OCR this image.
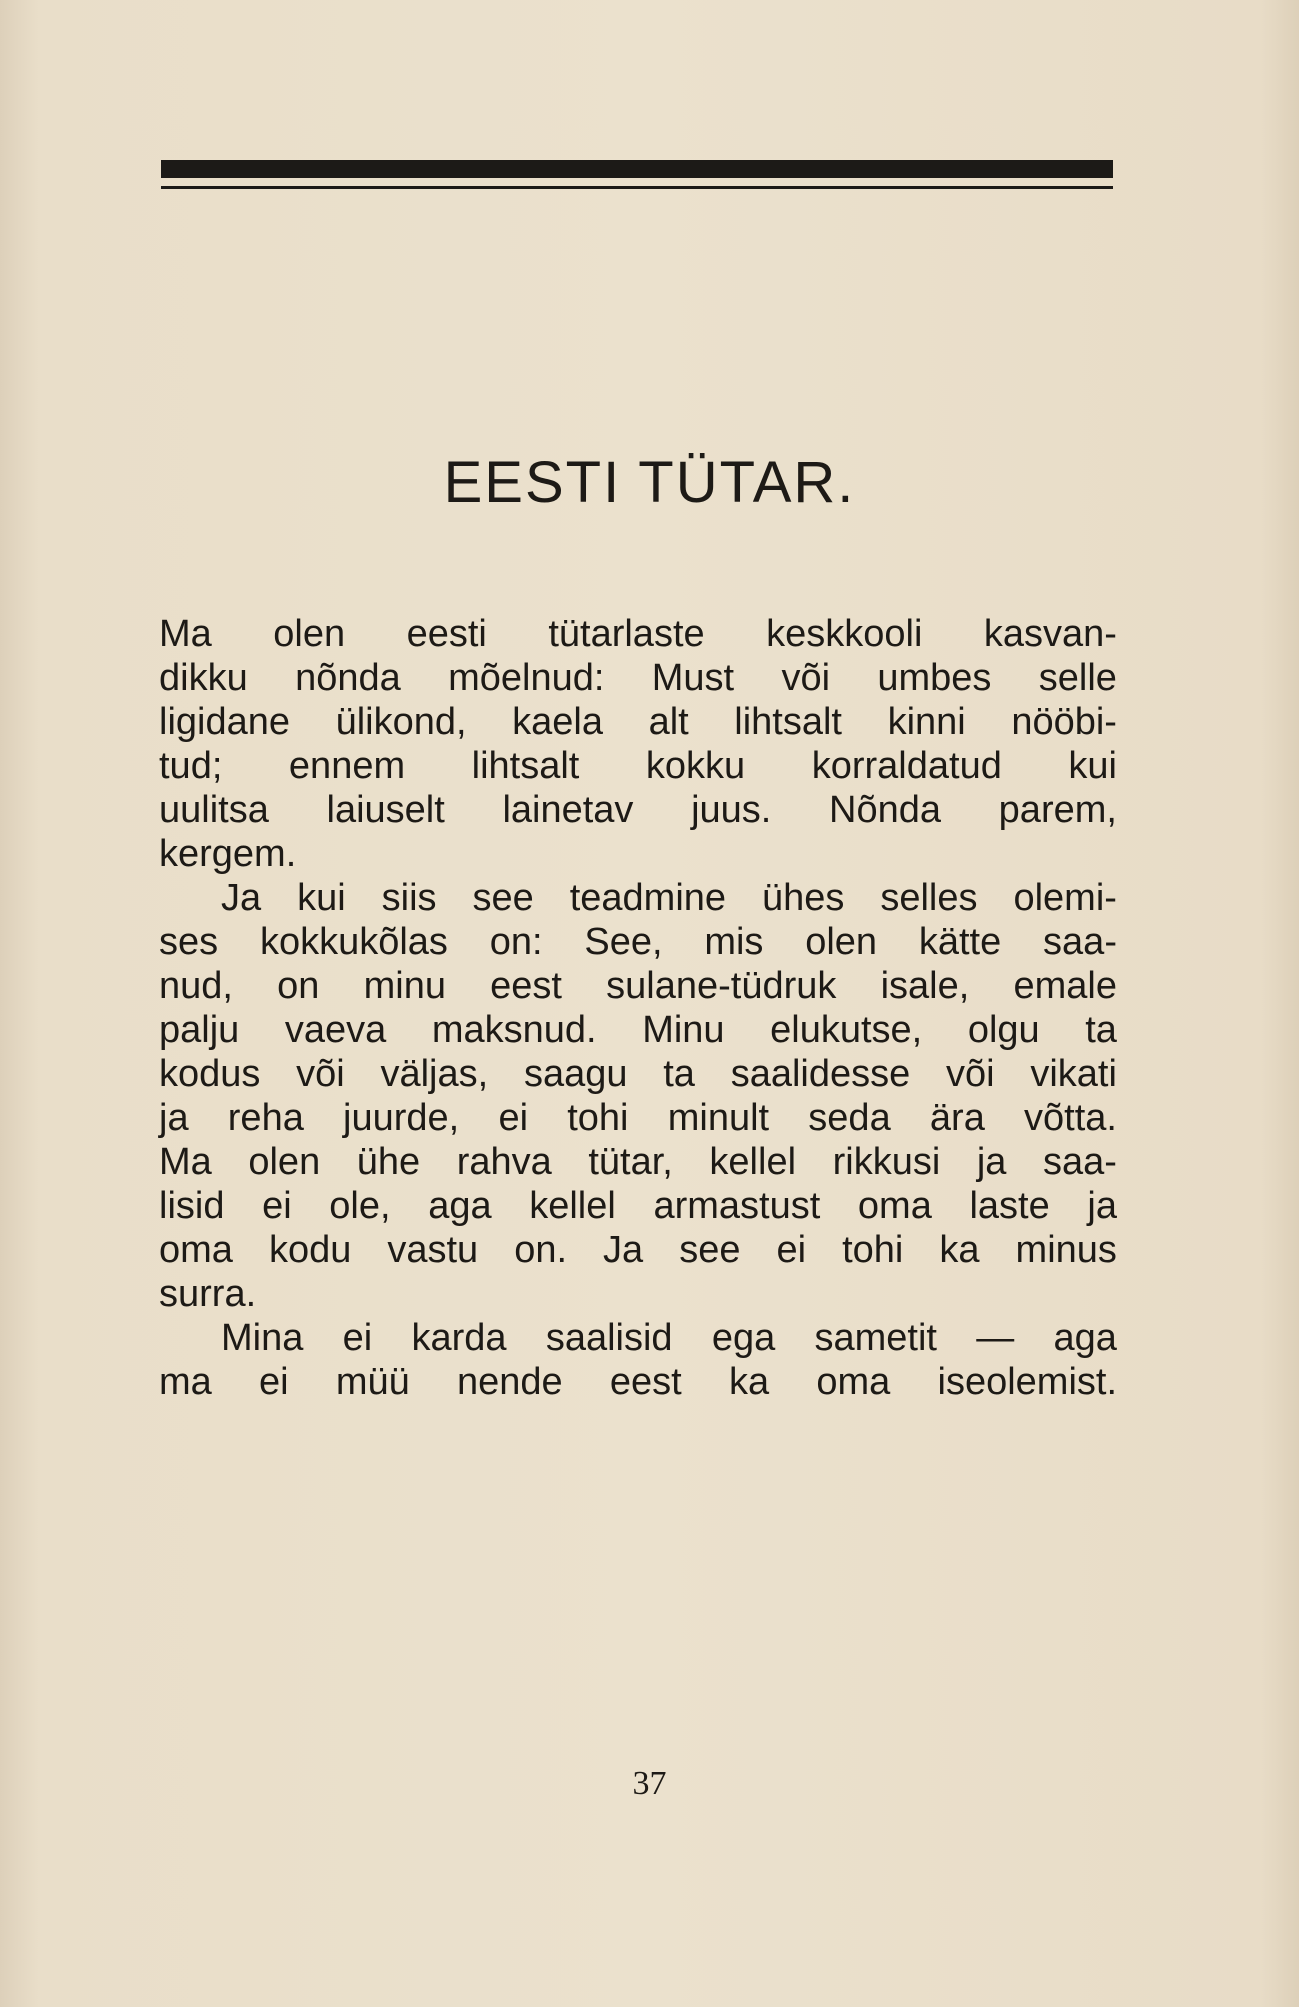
EESTI TÜTAR.
Ma olen eesti tütarlaste keskkooli kasvan-
dikku nõnda mõelnud: Must või umbes selle
ligidane ülikond, kaela alt lihtsalt kinni nööbi-
tud; ennem lihtsalt kokku korraldatud kui
uulitsa laiuselt lainetav juus. Nõnda parem,
kergem.
Ja kui siis see teadmine ühes selles olemi-
ses kokkukõlas on: See, mis olen kätte saa-
nud, on minu eest sulane-tüdruk isale, emale
palju vaeva maksnud. Minu elukutse, olgu ta
kodus või väljas, saagu ta saalidesse või vikati
ja reha juurde, ei tohi minult seda ära võtta.
Ma olen ühe rahva tütar, kellel rikkusi ja saa-
lisid ei ole, aga kellel armastust oma laste ja
oma kodu vastu on. Ja see ei tohi ka minus
surra.
Mina ei karda saalisid ega sametit — aga
ma ei müü nende eest ka oma iseolemist.
37
